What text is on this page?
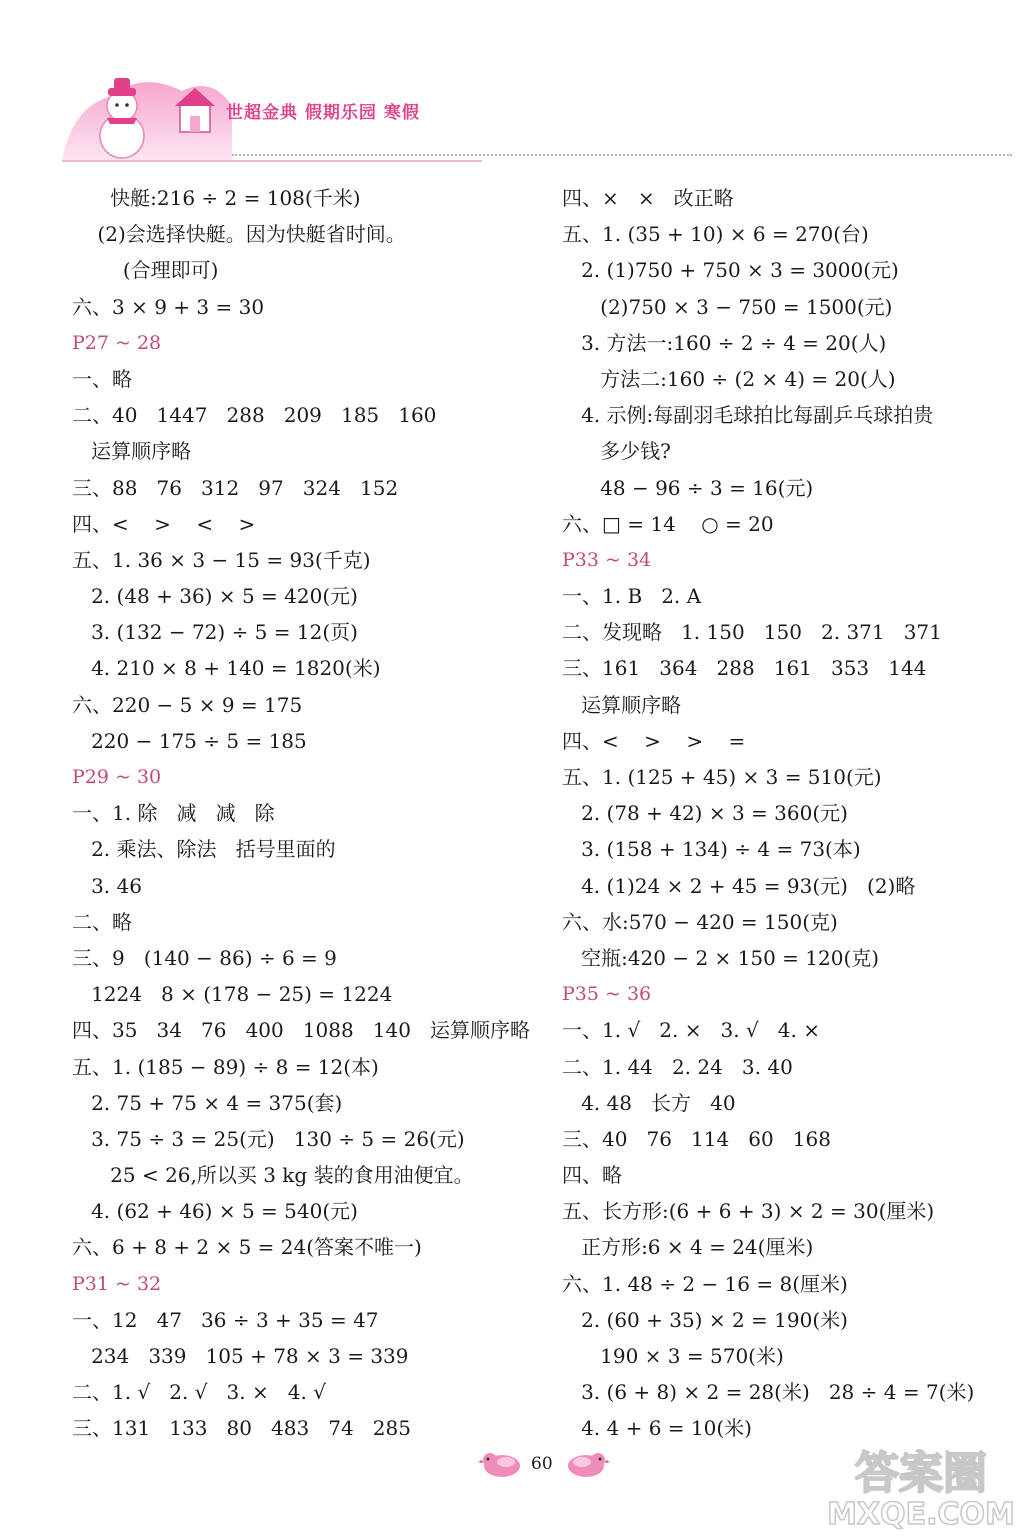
世超金典 假期乐园 寒假
快艇:216 ÷ 2 = 108(千米)
(2)会选择快艇。因为快艇省时间。
(合理即可)
六、3 × 9 + 3 = 30
P27 ~ 28
一、略
二、40   1447   288   209   185   160
运算顺序略
三、88   76   312   97   324   152
四、<    >    <    >
五、1. 36 × 3 − 15 = 93(千克)
2. (48 + 36) × 5 = 420(元)
3. (132 − 72) ÷ 5 = 12(页)
4. 210 × 8 + 140 = 1820(米)
六、220 − 5 × 9 = 175
220 − 175 ÷ 5 = 185
P29 ~ 30
一、1. 除   减   减   除
2. 乘法、除法   括号里面的
3. 46
二、略
三、9   (140 − 86) ÷ 6 = 9
1224   8 × (178 − 25) = 1224
四、35   34   76   400   1088   140   运算顺序略
五、1. (185 − 89) ÷ 8 = 12(本)
2. 75 + 75 × 4 = 375(套)
3. 75 ÷ 3 = 25(元)   130 ÷ 5 = 26(元)
25 < 26,所以买 3 kg 装的食用油便宜。
4. (62 + 46) × 5 = 540(元)
六、6 + 8 + 2 × 5 = 24(答案不唯一)
P31 ~ 32
一、12   47   36 ÷ 3 + 35 = 47
234   339   105 + 78 × 3 = 339
二、1. √   2. √   3. ×   4. √
三、131   133   80   483   74   285
四、×   ×   改正略
五、1. (35 + 10) × 6 = 270(台)
2. (1)750 + 750 × 3 = 3000(元)
(2)750 × 3 − 750 = 1500(元)
3. 方法一:160 ÷ 2 ÷ 4 = 20(人)
方法二:160 ÷ (2 × 4) = 20(人)
4. 示例:每副羽毛球拍比每副乒乓球拍贵
多少钱?
48 − 96 ÷ 3 = 16(元)
六、□ = 14    ○ = 20
P33 ~ 34
一、1. B   2. A
二、发现略   1. 150   150   2. 371   371
三、161   364   288   161   353   144
运算顺序略
四、<    >    >    =
五、1. (125 + 45) × 3 = 510(元)
2. (78 + 42) × 3 = 360(元)
3. (158 + 134) ÷ 4 = 73(本)
4. (1)24 × 2 + 45 = 93(元)   (2)略
六、水:570 − 420 = 150(克)
空瓶:420 − 2 × 150 = 120(克)
P35 ~ 36
一、1. √   2. ×   3. √   4. ×
二、1. 44   2. 24   3. 40
4. 48   长方   40
三、40   76   114   60   168
四、略
五、长方形:(6 + 6 + 3) × 2 = 30(厘米)
正方形:6 × 4 = 24(厘米)
六、1. 48 ÷ 2 − 16 = 8(厘米)
2. (60 + 35) × 2 = 190(米)
190 × 3 = 570(米)
3. (6 + 8) × 2 = 28(米)   28 ÷ 4 = 7(米)
4. 4 + 6 = 10(米)
60	答案圈
MXQE.COM
